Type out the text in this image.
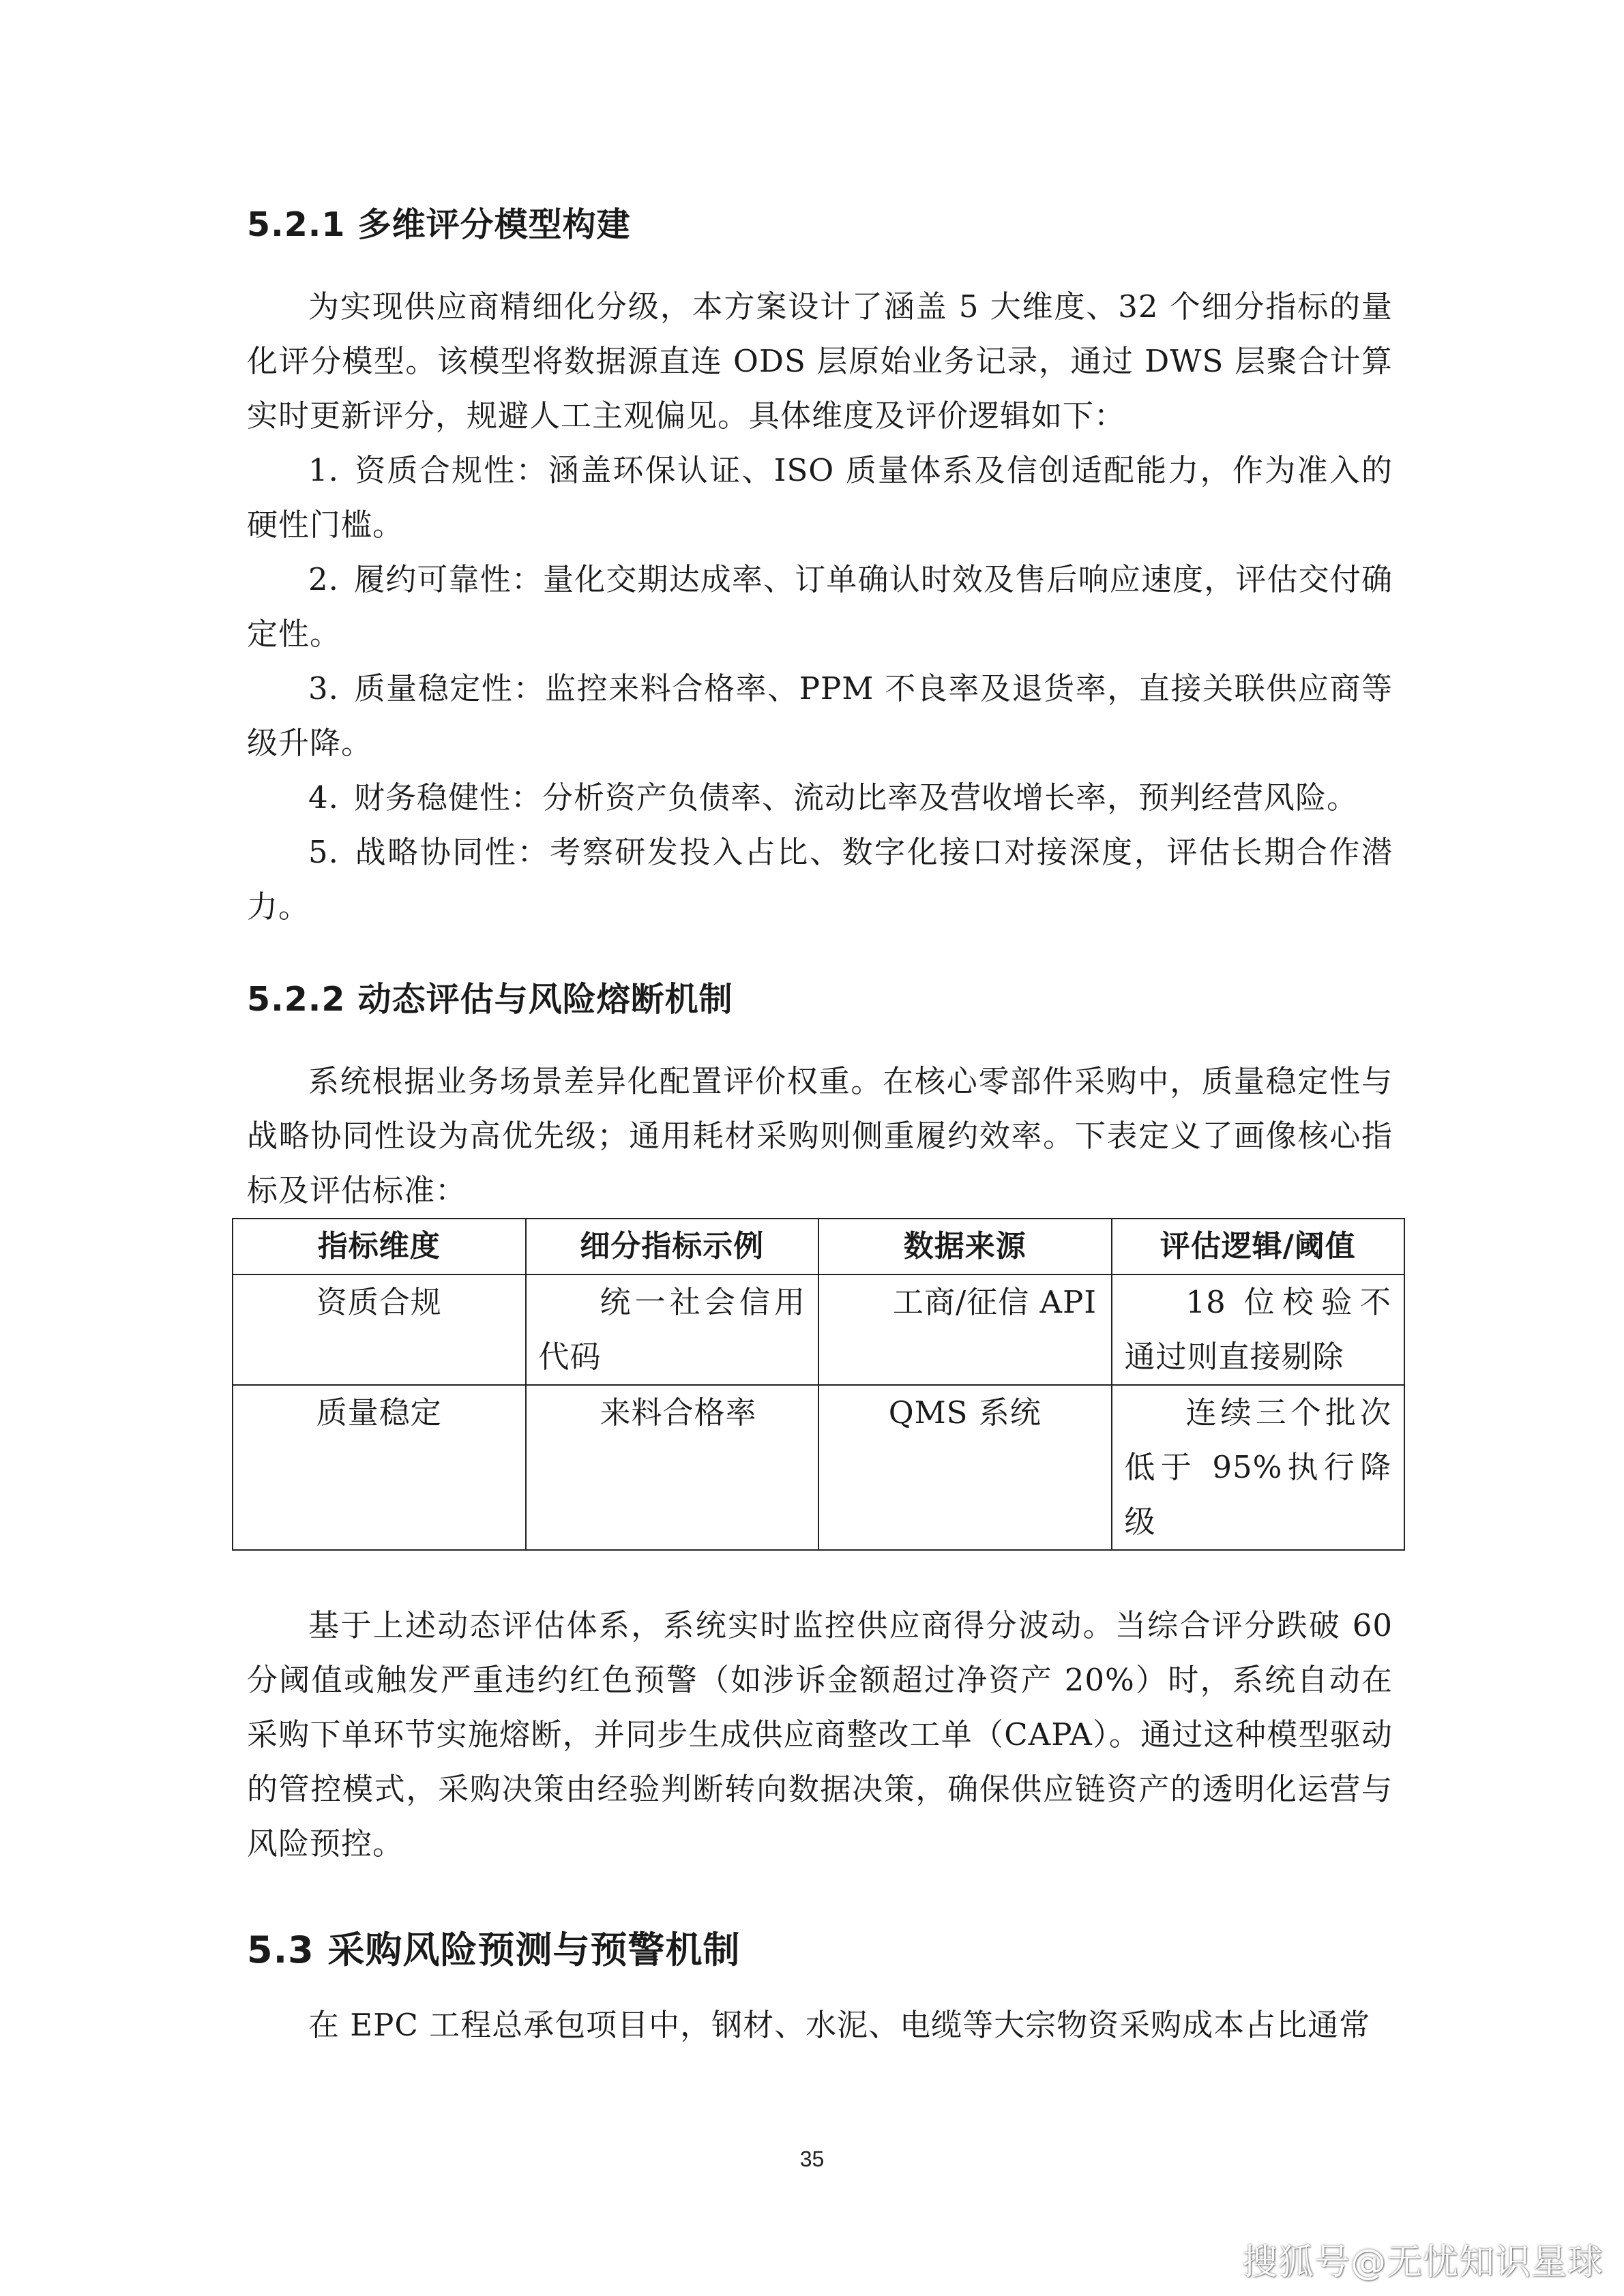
5.2.1 多维评分模型构建

为实现供应商精细化分级，本方案设计了涵盖 5 大维度、32 个细分指标的量化评分模型。该模型将数据源直连 ODS 层原始业务记录，通过 DWS 层聚合计算实时更新评分，规避人工主观偏见。具体维度及评价逻辑如下：

1. 资质合规性：涵盖环保认证、ISO 质量体系及信创适配能力，作为准入的硬性门槛。

2. 履约可靠性：量化交期达成率、订单确认时效及售后响应速度，评估交付确定性。

3. 质量稳定性：监控来料合格率、PPM 不良率及退货率，直接关联供应商等级升降。

4. 财务稳健性：分析资产负债率、流动比率及营收增长率，预判经营风险。

5. 战略协同性：考察研发投入占比、数字化接口对接深度，评估长期合作潜力。

5.2.2 动态评估与风险熔断机制

系统根据业务场景差异化配置评价权重。在核心零部件采购中，质量稳定性与战略协同性设为高优先级；通用耗材采购则侧重履约效率。下表定义了画像核心指标及评估标准：

指标维度	细分指标示例	数据来源	评估逻辑/阈值
资质合规	统一社会信用代码	工商/征信 API	18 位校验不通过则直接剔除
质量稳定	来料合格率	QMS 系统	连续三个批次低于 95%执行降级

基于上述动态评估体系，系统实时监控供应商得分波动。当综合评分跌破 60 分阈值或触发严重违约红色预警（如涉诉金额超过净资产 20%）时，系统自动在采购下单环节实施熔断，并同步生成供应商整改工单（CAPA）。通过这种模型驱动的管控模式，采购决策由经验判断转向数据决策，确保供应链资产的透明化运营与风险预控。

5.3 采购风险预测与预警机制

在 EPC 工程总承包项目中，钢材、水泥、电缆等大宗物资采购成本占比通常

35
搜狐号@无忧知识星球
